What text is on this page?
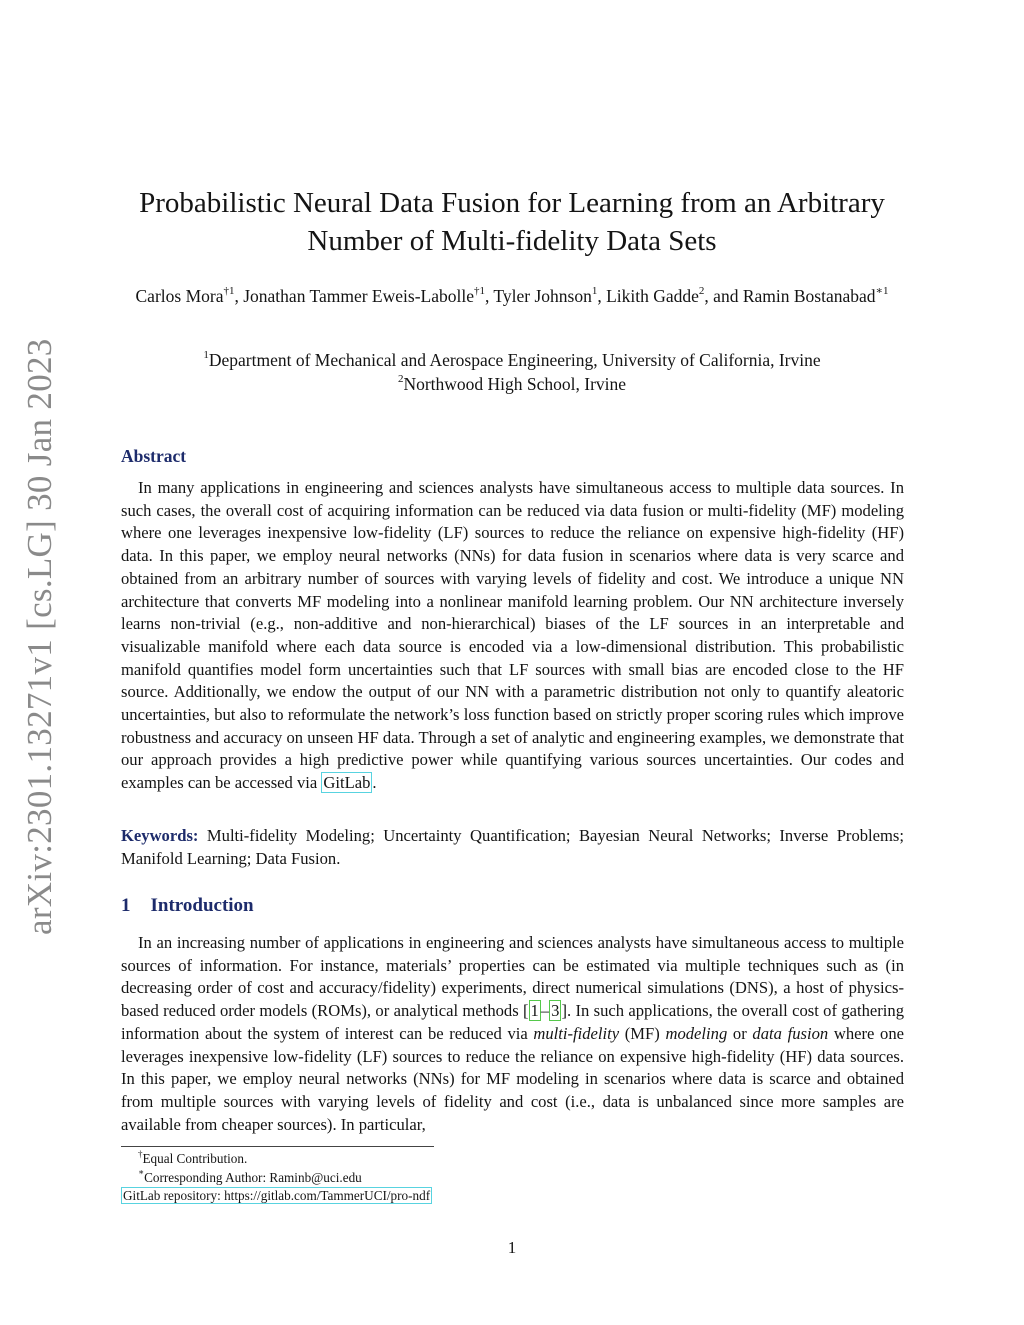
arXiv:2301.13271v1 [cs.LG] 30 Jan 2023
Probabilistic Neural Data Fusion for Learning from an Arbitrary
Number of Multi-fidelity Data Sets
Carlos Mora$^{\dagger 1}$, Jonathan Tammer Eweis-Labolle$^{\dagger 1}$, Tyler Johnson$^1$, Likith Gadde$^2$, and Ramin Bostanabad$^{∗1}$
$^1$Department of Mechanical and Aerospace Engineering, University of California, Irvine
$^2$Northwood High School, Irvine
Abstract
In many applications in engineering and sciences analysts have simultaneous access to multiple data sources. In such cases, the overall cost of acquiring information can be reduced via data fusion or multi-fidelity (MF) modeling where one leverages inexpensive low-fidelity (LF) sources to reduce the reliance on expensive high-fidelity (HF) data. In this paper, we employ neural networks (NNs) for data fusion in scenarios where data is very scarce and obtained from an arbitrary number of sources with varying levels of fidelity and cost. We introduce a unique NN architecture that converts MF modeling into a nonlinear manifold learning problem. Our NN architecture inversely learns non-trivial (e.g., non-additive and non-hierarchical) biases of the LF sources in an interpretable and visualizable manifold where each data source is encoded via a low-dimensional distribution. This probabilistic manifold quantifies model form uncertainties such that LF sources with small bias are encoded close to the HF source. Additionally, we endow the output of our NN with a parametric distribution not only to quantify aleatoric uncertainties, but also to reformulate the network’s loss function based on strictly proper scoring rules which improve robustness and accuracy on unseen HF data. Through a set of analytic and engineering examples, we demonstrate that our approach provides a high predictive power while quantifying various sources uncertainties. Our codes and examples can be accessed via GitLab .
Keywords: Multi-fidelity Modeling; Uncertainty Quantification; Bayesian Neural Networks; Inverse Problems; Manifold Learning; Data Fusion.
1 Introduction
In an increasing number of applications in engineering and sciences analysts have simultaneous access to multiple sources of information. For instance, materials’ properties can be estimated via multiple techniques such as (in decreasing order of cost and accuracy/fidelity) experiments, direct numerical simulations (DNS), a host of physics-based reduced order models (ROMs), or analytical methods [ 1 – 3 ]. In such applications, the overall cost of gathering information about the system of interest can be reduced via multi-fidelity (MF) modeling or data fusion where one leverages inexpensive low-fidelity (LF) sources to reduce the reliance on expensive high-fidelity (HF) data sources. In this paper, we employ neural networks (NNs) for MF modeling in scenarios where data is scarce and obtained from multiple sources with varying levels of fidelity and cost (i.e., data is unbalanced since more samples are available from cheaper sources). In particular,
†Equal Contribution.
∗Corresponding Author: Raminb@uci.edu
GitLab repository: https://gitlab.com/TammerUCI/pro-ndf
1
